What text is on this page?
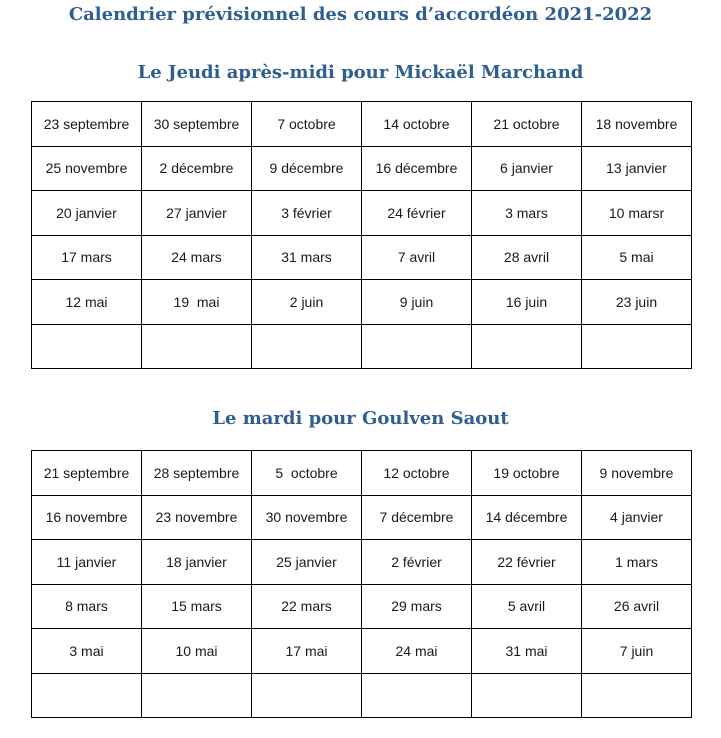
Calendrier prévisionnel des cours d’accordéon 2021-2022
Le Jeudi après-midi pour Mickaël Marchand
23 septembre	30 septembre	7 octobre	14 octobre	21 octobre	18 novembre
25 novembre	2 décembre	9 décembre	16 décembre	6 janvier	13 janvier
20 janvier	27 janvier	3 février	24 février	3 mars	10 marsr
17 mars	24 mars	31 mars	7 avril	28 avril	5 mai
12 mai	19  mai	2 juin	9 juin	16 juin	23 juin

Le mardi pour Goulven Saout
21 septembre	28 septembre	5  octobre	12 octobre	19 octobre	9 novembre
16 novembre	23 novembre	30 novembre	7 décembre	14 décembre	4 janvier
11 janvier	18 janvier	25 janvier	2 février	22 février	1 mars
8 mars	15 mars	22 mars	29 mars	5 avril	26 avril
3 mai	10 mai	17 mai	24 mai	31 mai	7 juin
